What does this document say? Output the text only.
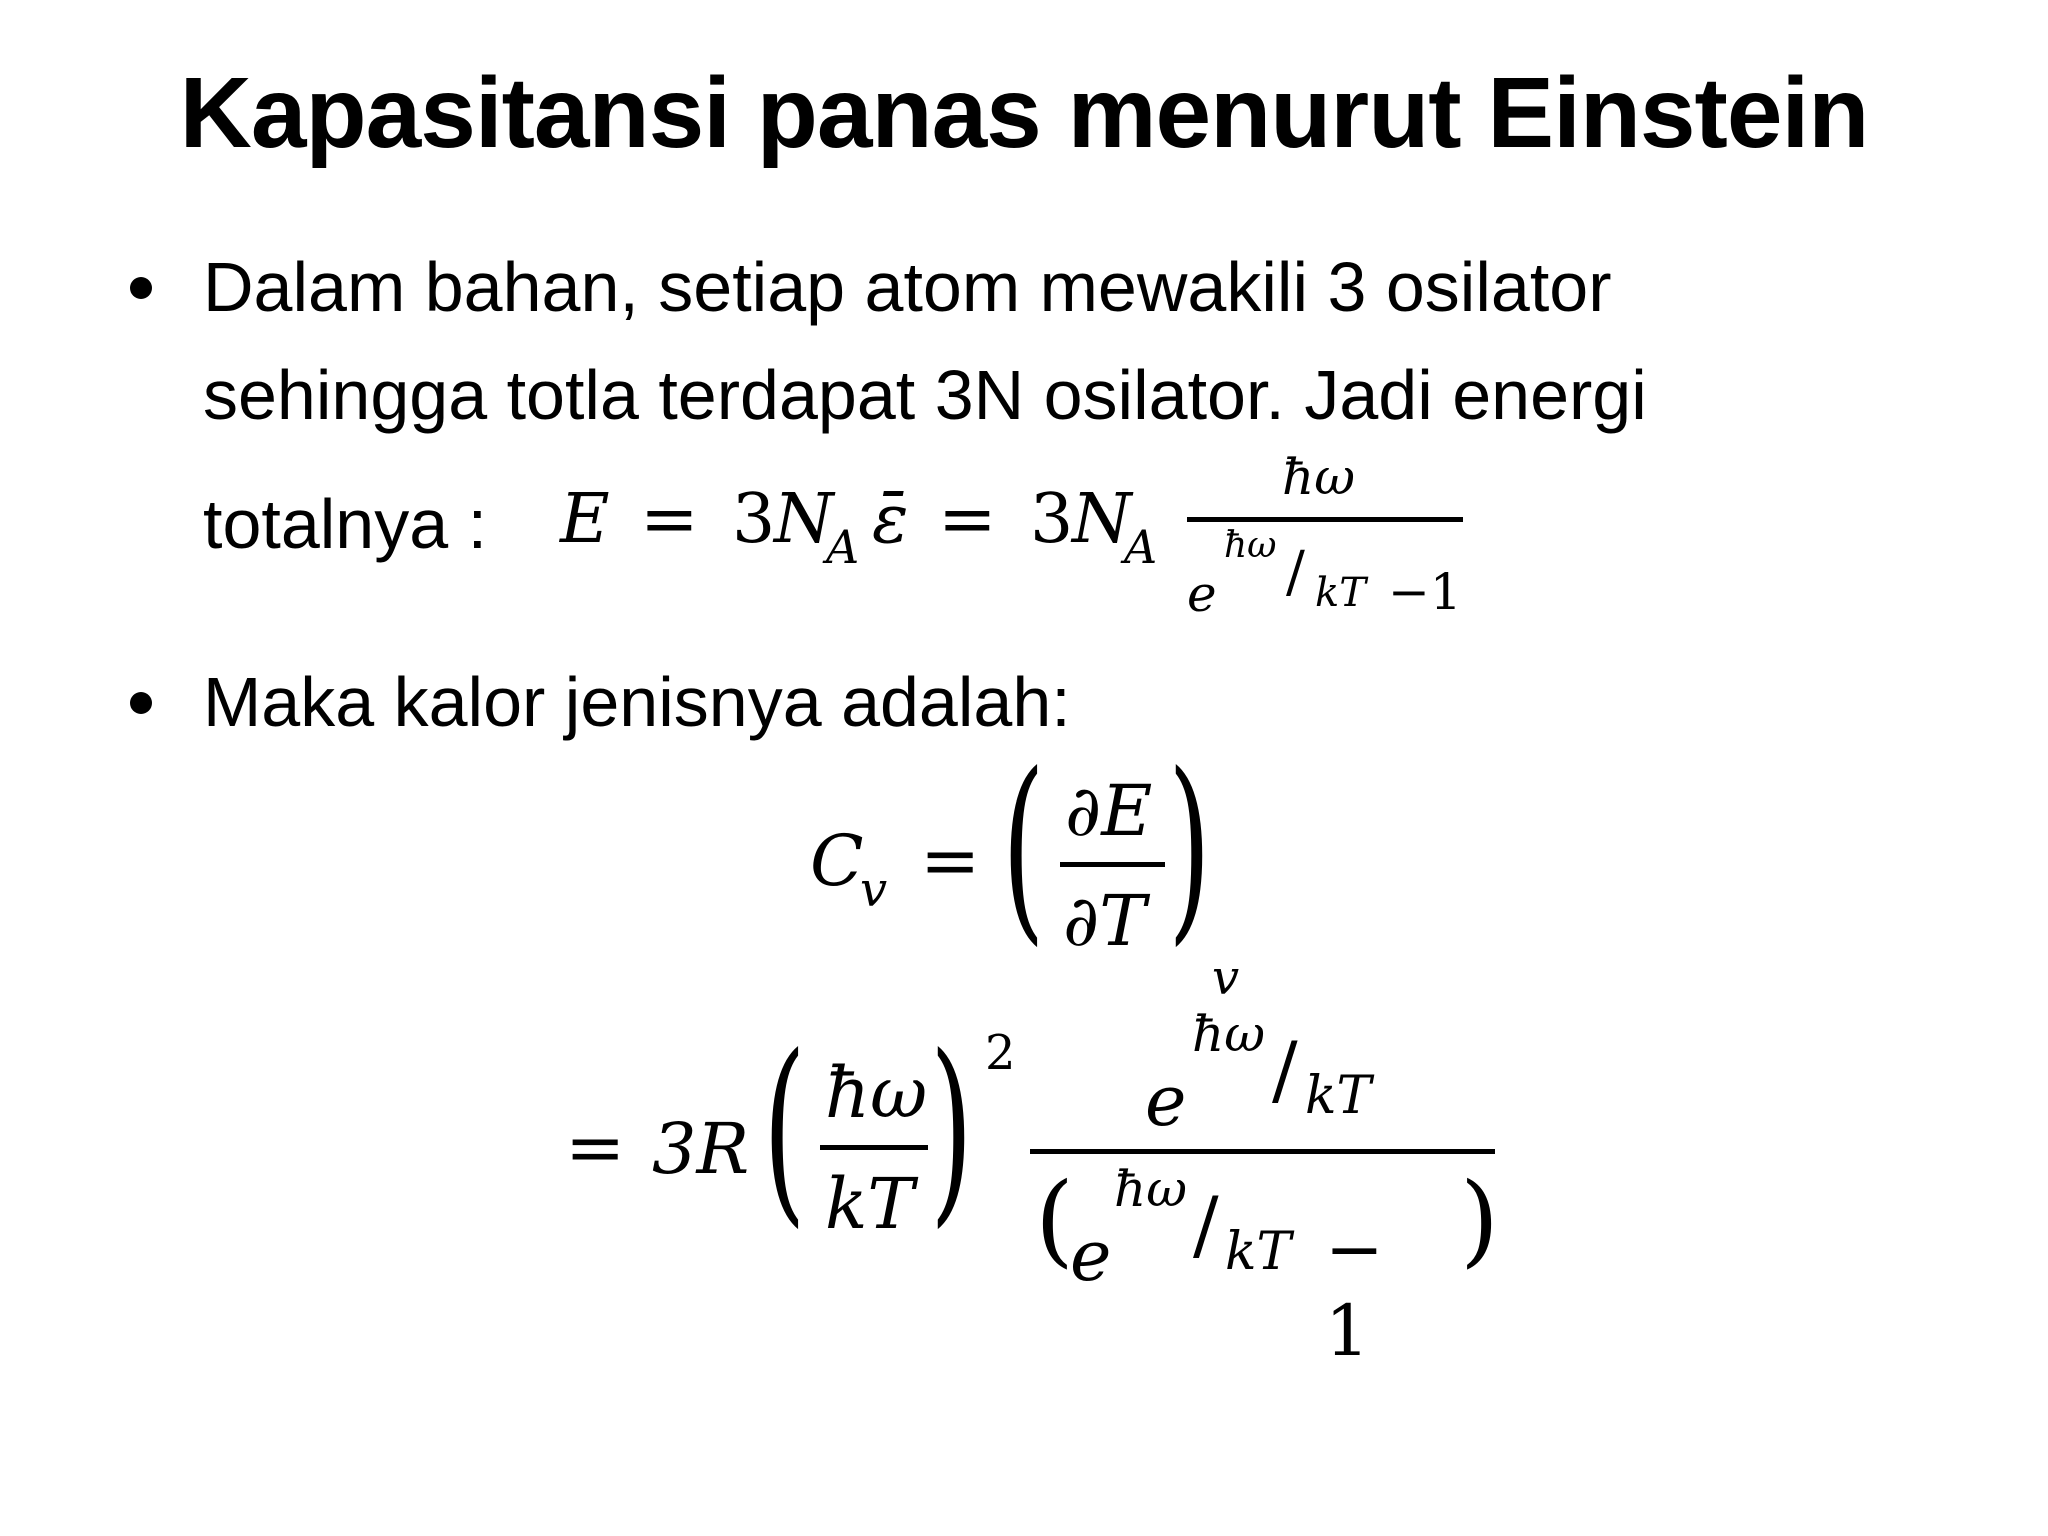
Kapasitansi panas menurut Einstein
Dalam bahan, setiap atom mewakili 3 osilator
sehingga totla terdapat 3N osilator. Jadi energi
totalnya : E = 3
N
A ε̄ = 3
N
A
ħω
e
ħω / kT −1
Maka kalor jenisnya adalah:
C
v = ( ∂E
∂T )
v
= 3R ( ħω
kT ) 2
e
ħω / kT
(
e
ħω / kT − 1
)
